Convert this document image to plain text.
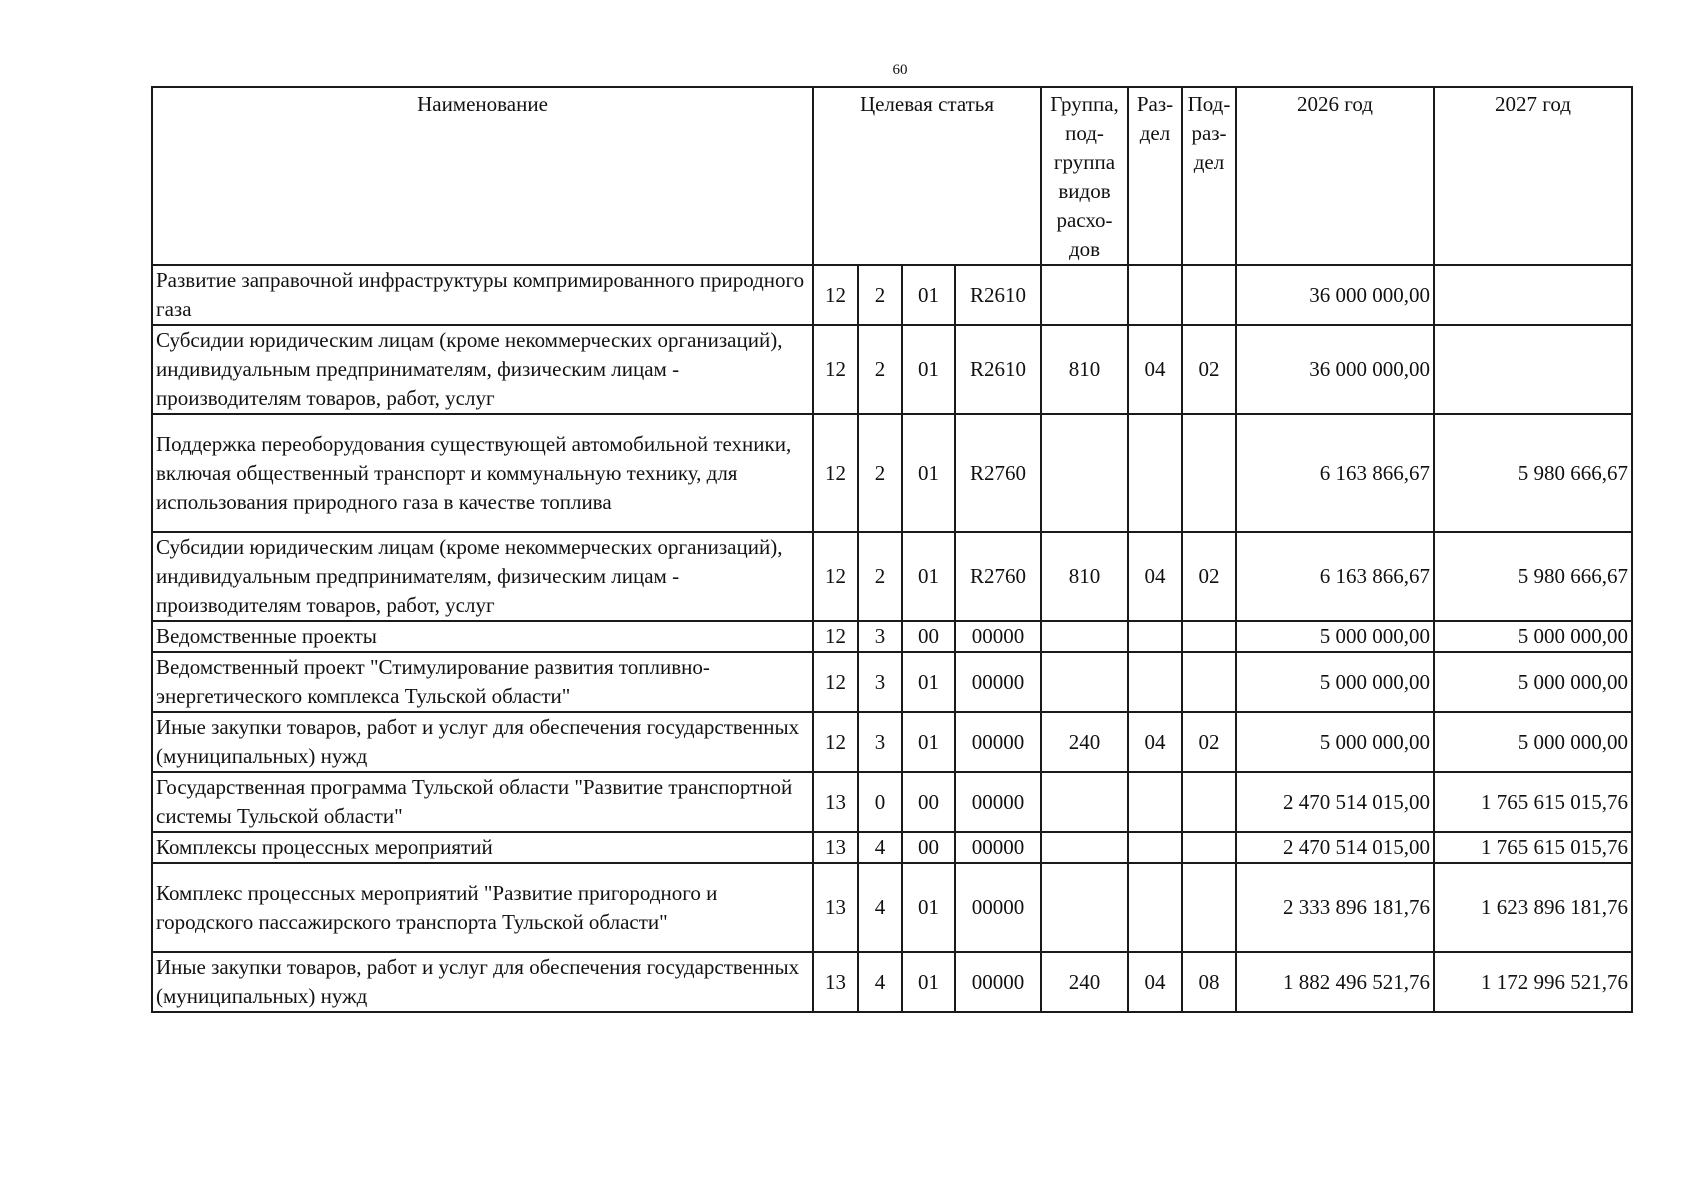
60
Наименование	Целевая статья				Группа, под-группа видов расхо-дов	Раз-дел	Под-раз-дел	2026 год	2027 год
Развитие заправочной инфраструктуры компримированного природного газа	12	2	01	R2610				36 000 000,00	
Субсидии юридическим лицам (кроме некоммерческих организаций), индивидуальным предпринимателям, физическим лицам - производителям товаров, работ, услуг	12	2	01	R2610	810	04	02	36 000 000,00	
Поддержка переоборудования существующей автомобильной техники, включая общественный транспорт и коммунальную технику, для использования природного газа в качестве топлива	12	2	01	R2760				6 163 866,67	5 980 666,67
Субсидии юридическим лицам (кроме некоммерческих организаций), индивидуальным предпринимателям, физическим лицам - производителям товаров, работ, услуг	12	2	01	R2760	810	04	02	6 163 866,67	5 980 666,67
Ведомственные проекты	12	3	00	00000				5 000 000,00	5 000 000,00
Ведомственный проект "Стимулирование развития топливно-энергетического комплекса Тульской области"	12	3	01	00000				5 000 000,00	5 000 000,00
Иные закупки товаров, работ и услуг для обеспечения государственных (муниципальных) нужд	12	3	01	00000	240	04	02	5 000 000,00	5 000 000,00
Государственная программа Тульской области "Развитие транспортной системы Тульской области"	13	0	00	00000				2 470 514 015,00	1 765 615 015,76
Комплексы процессных мероприятий	13	4	00	00000				2 470 514 015,00	1 765 615 015,76
Комплекс процессных мероприятий "Развитие пригородного и городского пассажирского транспорта Тульской области"	13	4	01	00000				2 333 896 181,76	1 623 896 181,76
Иные закупки товаров, работ и услуг для обеспечения государственных (муниципальных) нужд	13	4	01	00000	240	04	08	1 882 496 521,76	1 172 996 521,76
